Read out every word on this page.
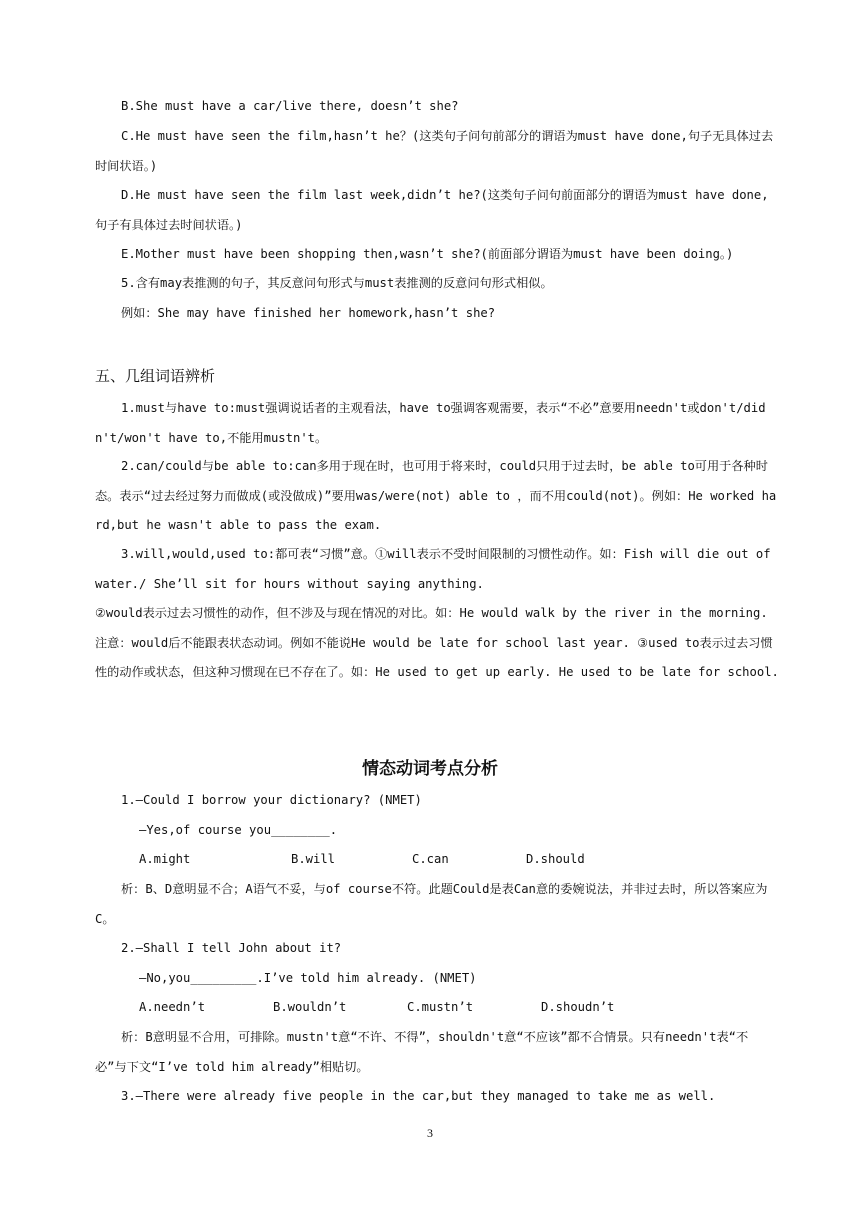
B.She must have a car/live there, doesn’t she?

C.He must have seen the film,hasn’t he？(这类句子问句前部分的谓语为must have done,句子无具体过去时间状语。)

D.He must have seen the film last week,didn’t he?(这类句子问句前面部分的谓语为must have done,句子有具体过去时间状语。)

E.Mother must have been shopping then,wasn’t she?(前面部分谓语为must have been doing。)

5.含有may表推测的句子，其反意问句形式与must表推测的反意问句形式相似。

例如：She may have finished her homework,hasn’t she?

五、几组词语辨析

1.must与have to:must强调说话者的主观看法，have to强调客观需要，表示“不必”意要用needn't或don't/didn't/won't have to,不能用mustn't。

2.can/could与be able to:can多用于现在时，也可用于将来时，could只用于过去时，be able to可用于各种时态。表示“过去经过努力而做成(或没做成)”要用was/were(not) able to ，而不用could(not)。例如：He worked hard,but he wasn't able to pass the exam.

3.will,would,used to:都可表“习惯”意。①will表示不受时间限制的习惯性动作。如：Fish will die out of water./ She’ll sit for hours without saying anything.

②would表示过去习惯性的动作，但不涉及与现在情况的对比。如：He would walk by the river in the morning.注意：would后不能跟表状态动词。例如不能说He would be late for school last year. ③used to表示过去习惯性的动作或状态，但这种习惯现在已不存在了。如：He used to get up early. He used to be late for school.

情态动词考点分析

1.—Could I borrow your dictionary? (NMET)

—Yes,of course you________.

A.might	B.will	C.can	D.should

析：B、D意明显不合；A语气不妥，与of course不符。此题Could是表Can意的委婉说法，并非过去时，所以答案应为C。

2.—Shall I tell John about it?

—No,you_________.I’ve told him already. (NMET)

A.needn’t	B.wouldn’t	C.mustn’t	D.shoudn’t

析：B意明显不合用，可排除。mustn't意“不许、不得”，shouldn't意“不应该”都不合情景。只有needn't表“不必”与下文“I’ve told him already”相贴切。

3.—There were already five people in the car,but they managed to take me as well.

3
